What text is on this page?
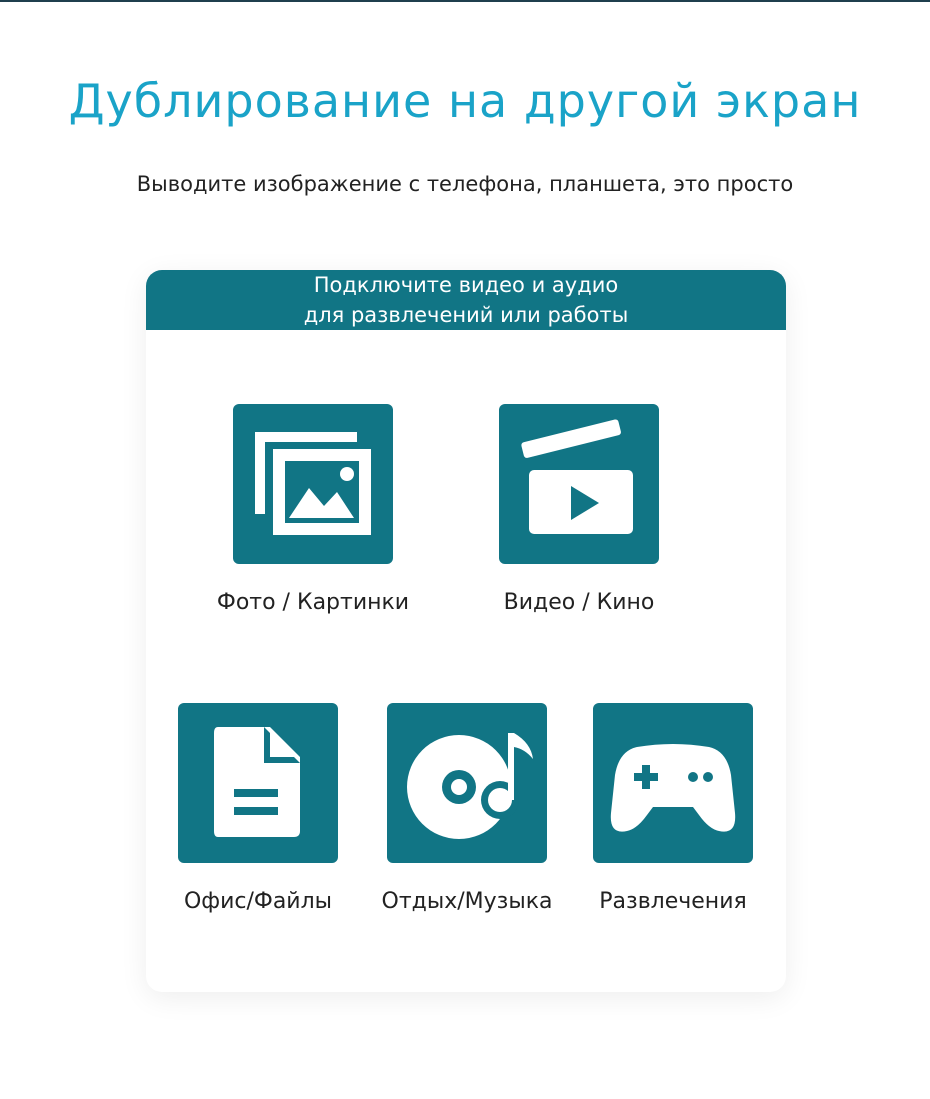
Дублирование на другой экран
Выводите изображение с телефона, планшета, это просто
Подключите видео и аудио
для развлечений или работы
Фото / Картинки	Видео / Кино
Офис/Файлы	Отдых/Музыка	Развлечения
